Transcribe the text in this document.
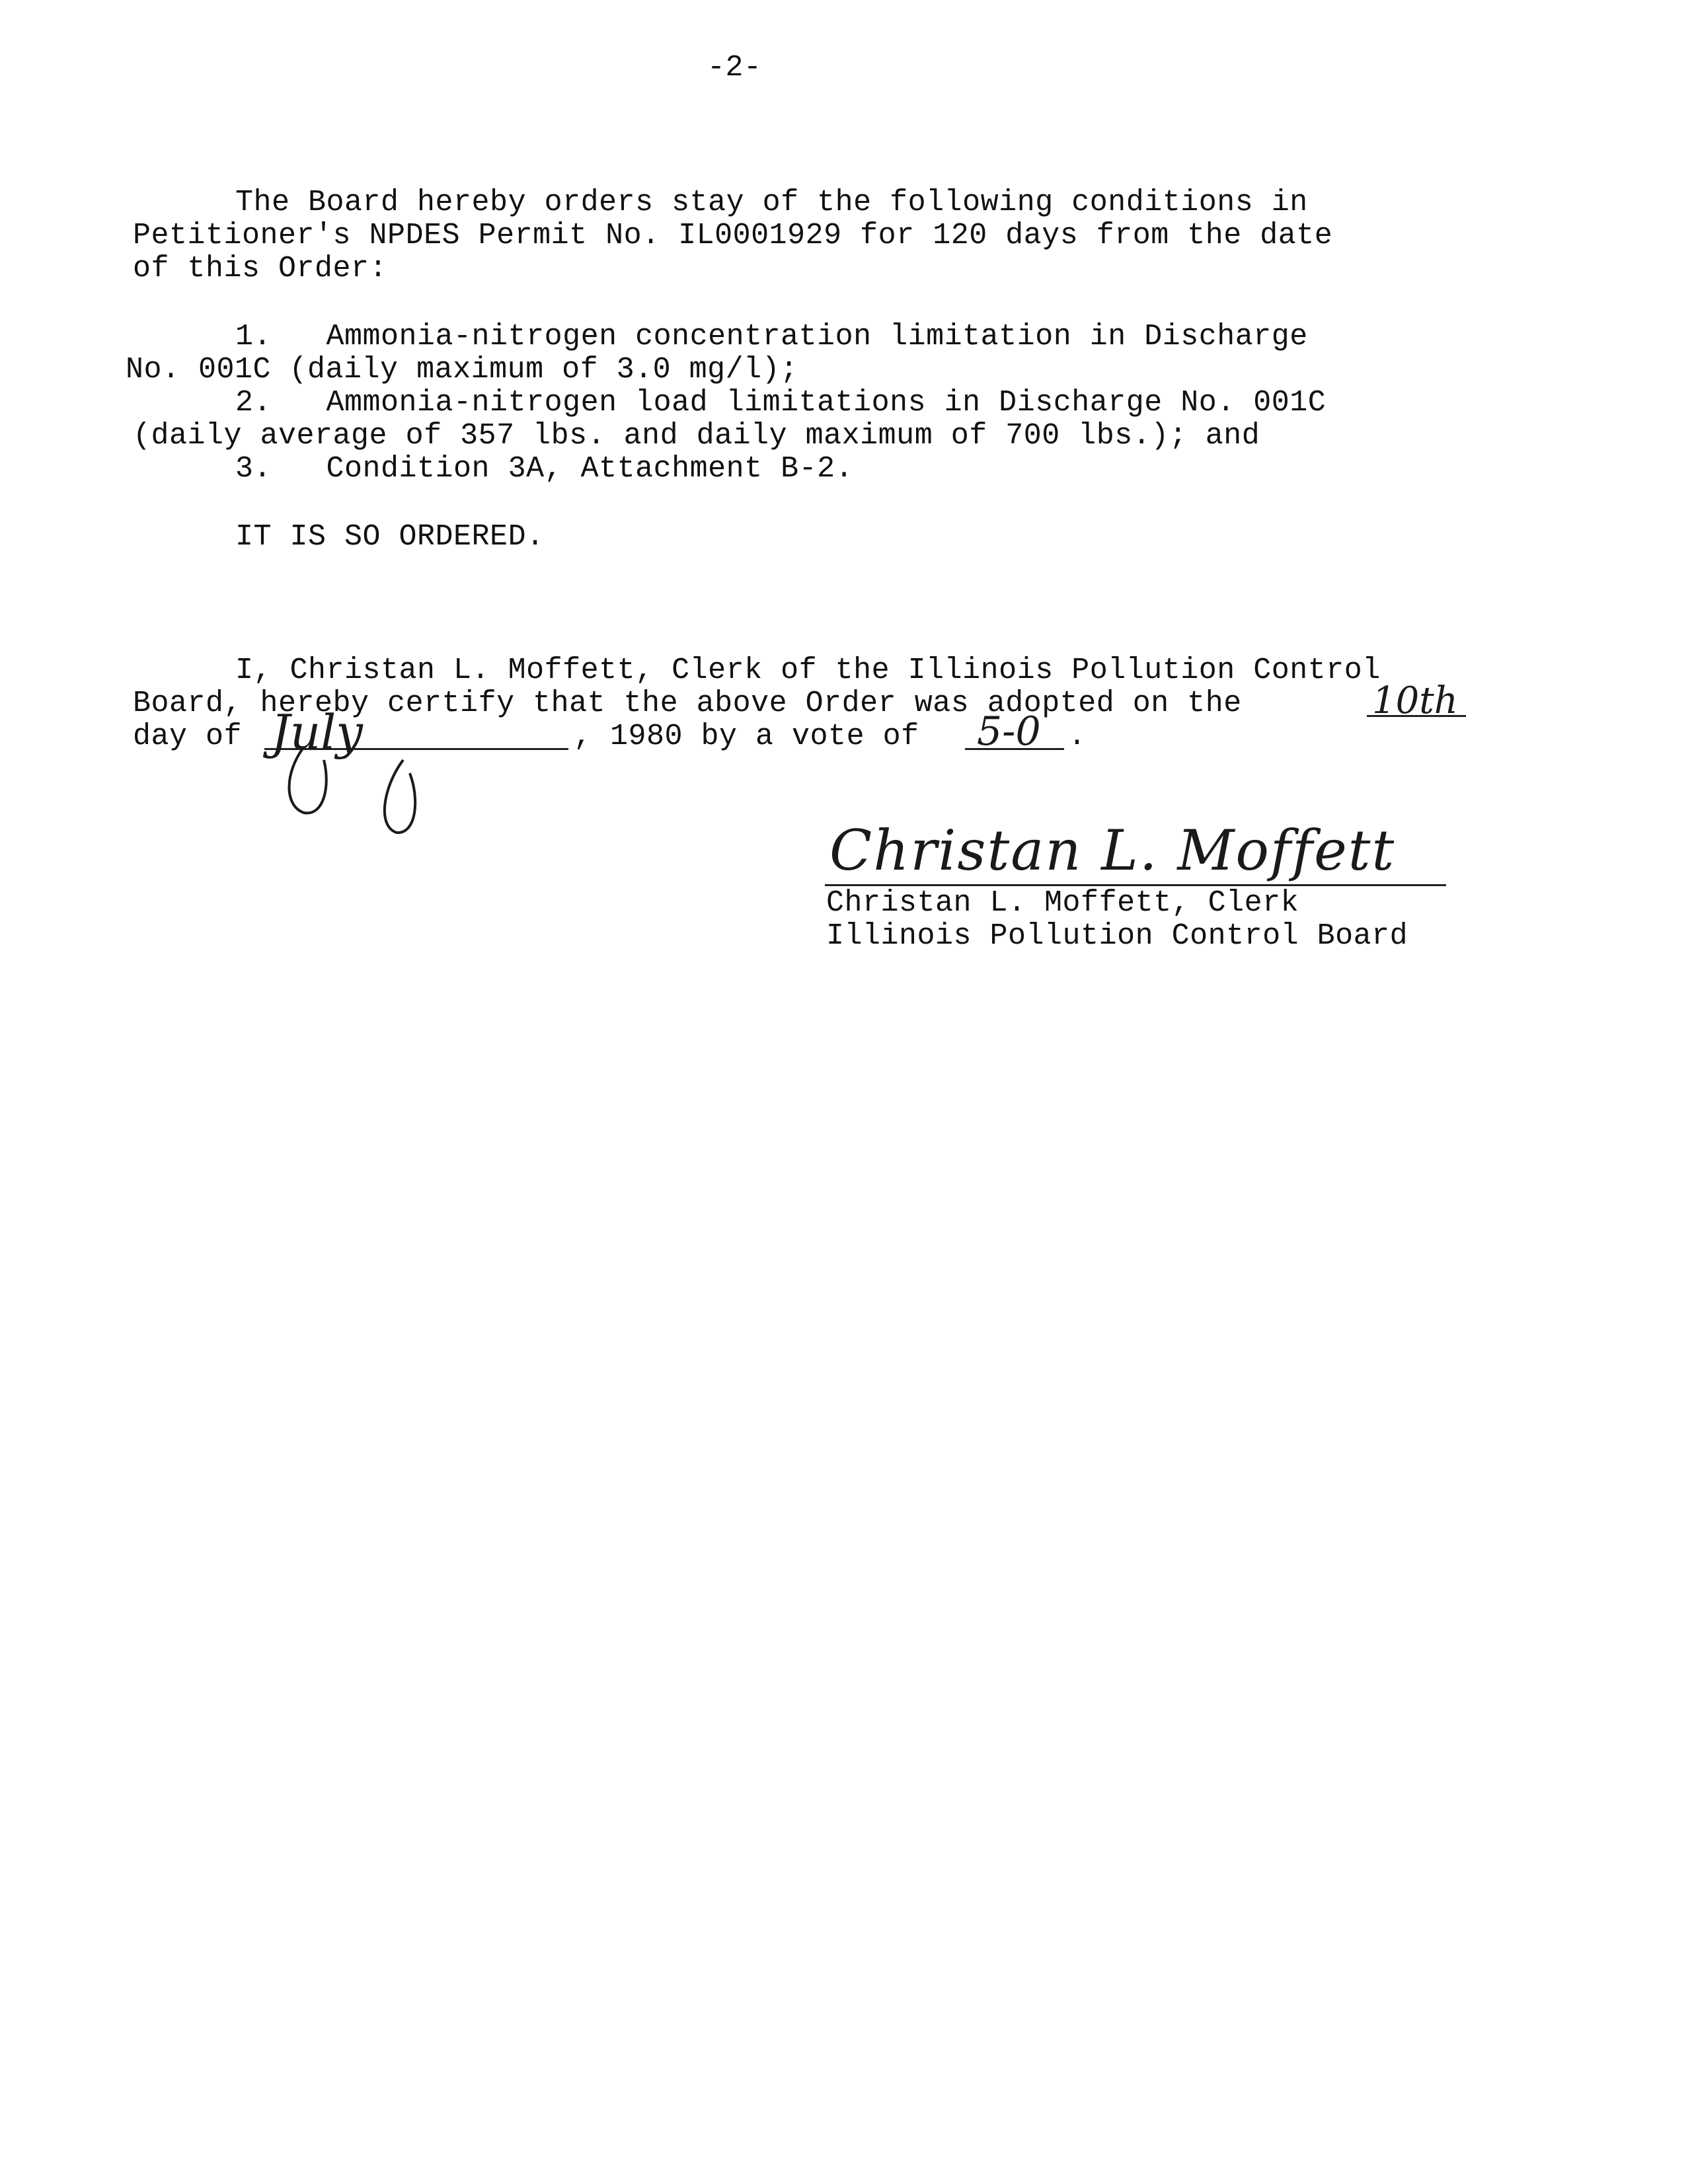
-2-
The Board hereby orders stay of the following conditions in
Petitioner's NPDES Permit No. IL0001929 for 120 days from the date
of this Order:
1.   Ammonia-nitrogen concentration limitation in Discharge
No. 001C (daily maximum of 3.0 mg/l);
2.   Ammonia-nitrogen load limitations in Discharge No. 001C
(daily average of 357 lbs. and daily maximum of 700 lbs.); and
3.   Condition 3A, Attachment B-2.
IT IS SO ORDERED.
I, Christan L. Moffett, Clerk of the Illinois Pollution Control
Board, hereby certify that the above Order was adopted on the	10th
day of July	, 1980 by a vote of 5-0 .
Christan L. Moffett
Christan L. Moffett, Clerk
Illinois Pollution Control Board
